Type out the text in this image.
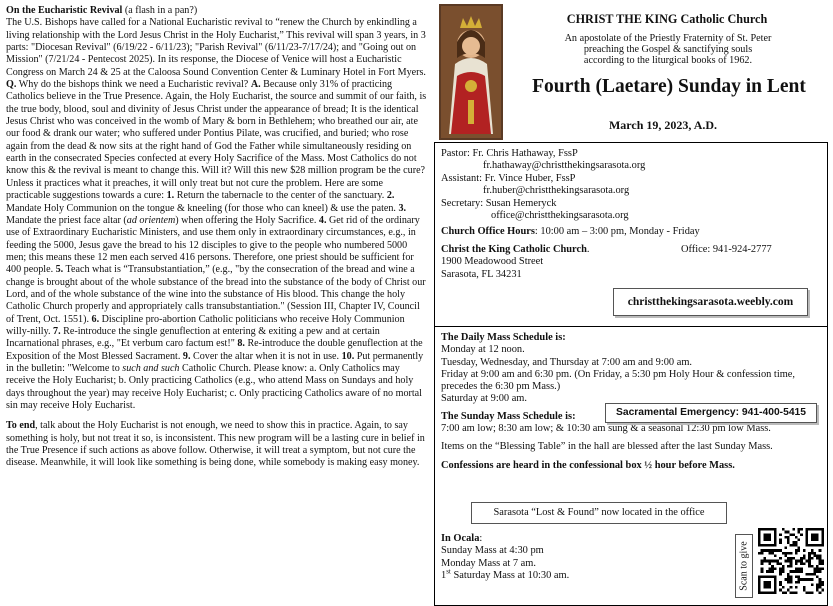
On the Eucharistic Revival (a flash in a pan?)
The U.S. Bishops have called for a National Eucharistic revival to “renew the Church by enkindling a living relationship with the Lord Jesus Christ in the Holy Eucharist,” This revival will span 3 years, in 3 parts: "Diocesan Revival" (6/19/22 - 6/11/23); "Parish Revival" (6/11/23-7/17/24); and "Going out on Mission" (7/21/24 - Pentecost 2025). In its response, the Diocese of Venice will host a Eucharistic Congress on March 24 & 25 at the Caloosa Sound Convention Center & Luminary Hotel in Fort Myers.

Q. Why do the bishops think we need a Eucharistic revival? A. Because only 31% of practicing Catholics believe in the True Presence. Again, the Holy Eucharist, the source and summit of our faith, is the true body, blood, soul and divinity of Jesus Christ under the appearance of bread; It is the identical Jesus Christ who was conceived in the womb of Mary & born in Bethlehem; who breathed our air, ate our food & drank our water; who suffered under Pontius Pilate, was crucified, and buried; who rose again from the dead & now sits at the right hand of God the Father while simultaneously residing on earth in the consecrated Species confected at every Holy Sacrifice of the Mass. Most Catholics do not know this & the revival is meant to change this. Will it? Will this new $28 million program be the cure? Unless it practices what it preaches, it will only treat but not cure the problem. Here are some practicable suggestions towards a cure: 1. Return the tabernacle to the center of the sanctuary. 2. Mandate Holy Communion on the tongue & kneeling (for those who can kneel) & use the paten. 3. Mandate the priest face altar (ad orientem) when offering the Holy Sacrifice. 4. Get rid of the ordinary use of Extraordinary Eucharistic Ministers, and use them only in extraordinary circumstances, e.g., in feeding the 5000, Jesus gave the bread to his 12 disciples to give to the people who numbered 5000 men; this means these 12 men each served 416 persons. Therefore, one priest should be sufficient for 400 people. 5. Teach what is “Transubstantiation,” (e.g., "by the consecration of the bread and wine a change is brought about of the whole substance of the bread into the substance of the body of Christ our Lord, and of the whole substance of the wine into the substance of His blood. This change the holy Catholic Church properly and appropriately calls transubstantiation." (Session III, Chapter IV, Council of Trent, Oct. 1551). 6. Discipline pro-abortion Catholic politicians who receive Holy Communion willy-nilly. 7. Re-introduce the single genuflection at entering & exiting a pew and at certain Incarnational phrases, e.g., "Et verbum caro factum est!" 8. Re-introduce the double genuflection at the Exposition of the Most Blessed Sacrament. 9. Cover the altar when it is not in use. 10. Put permanently in the bulletin: "Welcome to such and such Catholic Church. Please know: a. Only Catholics may receive the Holy Eucharist; b. Only practicing Catholics (e.g., who attend Mass on Sundays and holy days throughout the year) may receive Holy Eucharist; c. Only practicing Catholics aware of no mortal sin may receive Holy Eucharist.

To end, talk about the Holy Eucharist is not enough, we need to show this in practice. Again, to say something is holy, but not treat it so, is inconsistent. This new program will be a lasting cure in belief in the True Presence if such actions as above follow. Otherwise, it will treat a symptom, but not cure the disease. Meanwhile, it will look like something is being done, while somebody is making easy money.

CHRIST THE KING Catholic Church
An apostolate of the Priestly Fraternity of St. Peter
preaching the Gospel & sanctifying souls
according to the liturgical books of 1962.
Fourth (Laetare) Sunday in Lent
March 19, 2023, A.D.
Pastor: Fr. Chris Hathaway, FssP
fr.hathaway@christthekingsarasota.org
Assistant: Fr. Vince Huber, FssP
fr.huber@christthekingsarasota.org
Secretary: Susan Hemeryck
office@christthekingsarasota.org
Church Office Hours: 10:00 am – 3:00 pm, Monday - Friday
Christ the King Catholic Church.	Office: 941-924-2777
1900 Meadowood Street
Sarasota, FL 34231
christthekingsarasota.weebly.com

The Daily Mass Schedule is:

Monday at 12 noon.

Tuesday, Wednesday, and Thursday at 7:00 am and 9:00 am.

Friday at 9:00 am and 6:30 pm. (On Friday, a 5:30 pm Holy Hour & confession time, precedes the 6:30 pm Mass.)

Saturday at 9:00 am.

The Sunday Mass Schedule is:

7:00 am low; 8:30 am low; & 10:30 am sung & a seasonal 12:30 pm low Mass.

Items on the “Blessing Table” in the hall are blessed after the last Sunday Mass.

Confessions are heard in the confessional box ½ hour before Mass.

Sacramental Emergency: 941-400-5415
Sarasota “Lost & Found” now located in the office
In Ocala:
Sunday Mass at 4:30 pm
Monday Mass at 7 am.
1st Saturday Mass at 10:30 am.	Scan to give
